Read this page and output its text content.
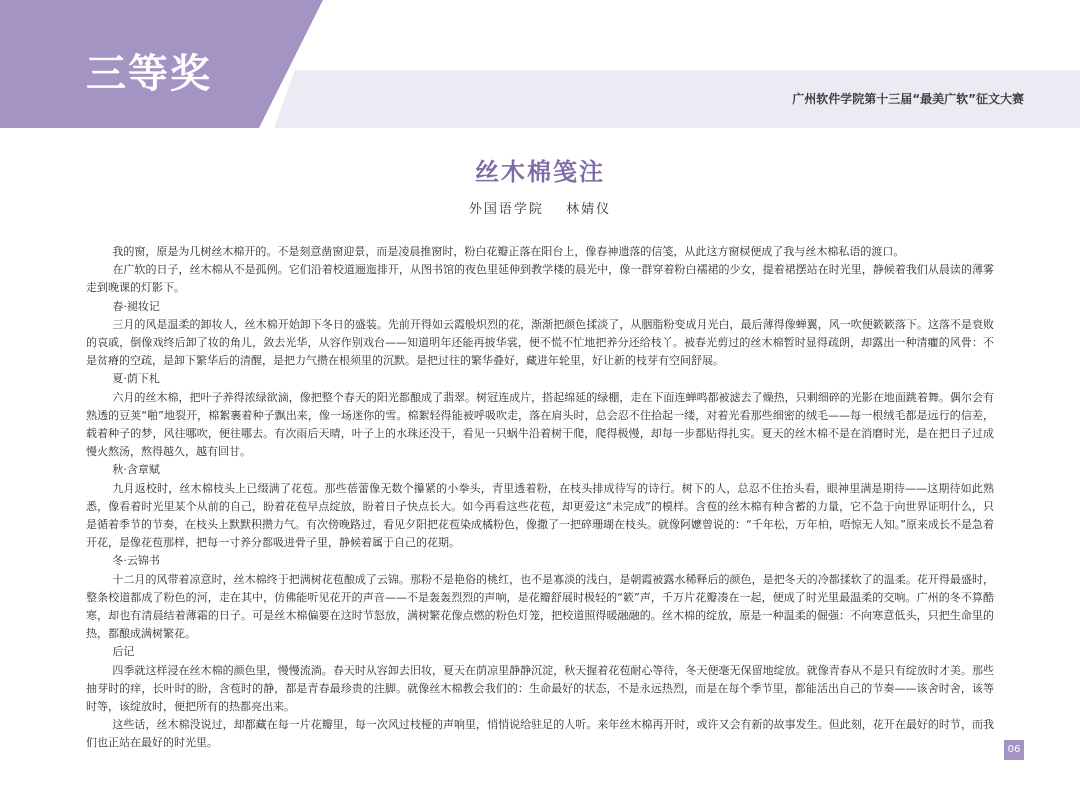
三等奖
广州软件学院第十三届“最美广软”征文大赛
丝木棉笺注
外国语学院 林婧仪

我的窗，原是为几树丝木棉开的。不是刻意凿窗迎景，而是凌晨推窗时，粉白花瓣正落在阳台上，像春神遗落的信笺，从此这方窗棂便成了我与丝木棉私语的渡口。

在广软的日子，丝木棉从不是孤例。它们沿着校道逦迤排开，从图书馆的夜色里延伸到教学楼的晨光中，像一群穿着粉白襦裙的少女，提着裙摆站在时光里，静候着我们从晨读的薄雾走到晚课的灯影下。

春·褪妆记

三月的风是温柔的卸妆人，丝木棉开始卸下冬日的盛装。先前开得如云霞般炽烈的花，渐渐把颜色揉淡了，从胭脂粉变成月光白，最后薄得像蝉翼，风一吹便簌簌落下。这落不是衰败的哀戚，倒像戏终后卸了妆的角儿，敛去光华，从容作别戏台——知道明年还能再披华裳，便不慌不忙地把养分还给枝丫。被春光剪过的丝木棉暂时显得疏朗，却露出一种清癯的风骨：不是贫瘠的空疏，是卸下繁华后的清醒，是把力气攒在根须里的沉默。是把过往的繁华叠好，藏进年轮里，好让新的枝芽有空间舒展。

夏·荫下札

六月的丝木棉，把叶子养得浓绿欲滴，像把整个春天的阳光都酿成了翡翠。树冠连成片，搭起绵延的绿棚，走在下面连蝉鸣都被滤去了燥热，只剩细碎的光影在地面跳着舞。偶尔会有熟透的豆荚“啪”地裂开，棉絮裹着种子飘出来，像一场迷你的雪。棉絮轻得能被呼吸吹走，落在肩头时，总会忍不住拾起一缕，对着光看那些细密的绒毛——每一根绒毛都是远行的信差，载着种子的梦，风往哪吹，便往哪去。有次雨后天晴，叶子上的水珠还没干，看见一只蜗牛沿着树干爬，爬得极慢，却每一步都贴得扎实。夏天的丝木棉不是在消磨时光，是在把日子过成慢火熬汤，熬得越久，越有回甘。

秋·含章赋

九月返校时，丝木棉枝头上已缀满了花苞。那些蓓蕾像无数个攥紧的小拳头，青里透着粉，在枝头排成待写的诗行。树下的人，总忍不住抬头看，眼神里满是期待——这期待如此熟悉，像看着时光里某个从前的自己，盼着花苞早点绽放，盼着日子快点长大。如今再看这些花苞，却更爱这“未完成”的模样。含苞的丝木棉有种含蓄的力量，它不急于向世界证明什么，只是循着季节的节奏，在枝头上默默积攒力气。有次傍晚路过，看见夕阳把花苞染成橘粉色，像撒了一把碎珊瑚在枝头。就像阿嬷曾说的：“千年松，万年柏，唔惊无人知。”原来成长不是急着开花，是像花苞那样，把每一寸养分都吸进骨子里，静候着属于自己的花期。

冬·云锦书

十二月的风带着凉意时，丝木棉终于把满树花苞酿成了云锦。那粉不是艳俗的桃红，也不是寡淡的浅白，是朝霞被露水稀释后的颜色，是把冬天的冷都揉软了的温柔。花开得最盛时，整条校道都成了粉色的河，走在其中，仿佛能听见花开的声音——不是轰轰烈烈的声响，是花瓣舒展时极轻的“簌”声，千万片花瓣凑在一起，便成了时光里最温柔的交响。广州的冬不算酷寒，却也有清晨结着薄霜的日子。可是丝木棉偏要在这时节怒放，满树繁花像点燃的粉色灯笼，把校道照得暖融融的。丝木棉的绽放，原是一种温柔的倔强：不向寒意低头，只把生命里的热，都酿成满树繁花。

后记

四季就这样浸在丝木棉的颜色里，慢慢流淌。春天时从容卸去旧妆，夏天在荫凉里静静沉淀，秋天握着花苞耐心等待，冬天便毫无保留地绽放。就像青春从不是只有绽放时才美。那些抽芽时的痒，长叶时的盼，含苞时的静，都是青春最珍贵的注脚。就像丝木棉教会我们的：生命最好的状态，不是永远热烈，而是在每个季节里，都能活出自己的节奏——该舍时舍，该等时等，该绽放时，便把所有的热都亮出来。

这些话，丝木棉没说过，却都藏在每一片花瓣里，每一次风过枝桠的声响里，悄悄说给驻足的人听。来年丝木棉再开时，或许又会有新的故事发生。但此刻，花开在最好的时节，而我们也正站在最好的时光里。

06
